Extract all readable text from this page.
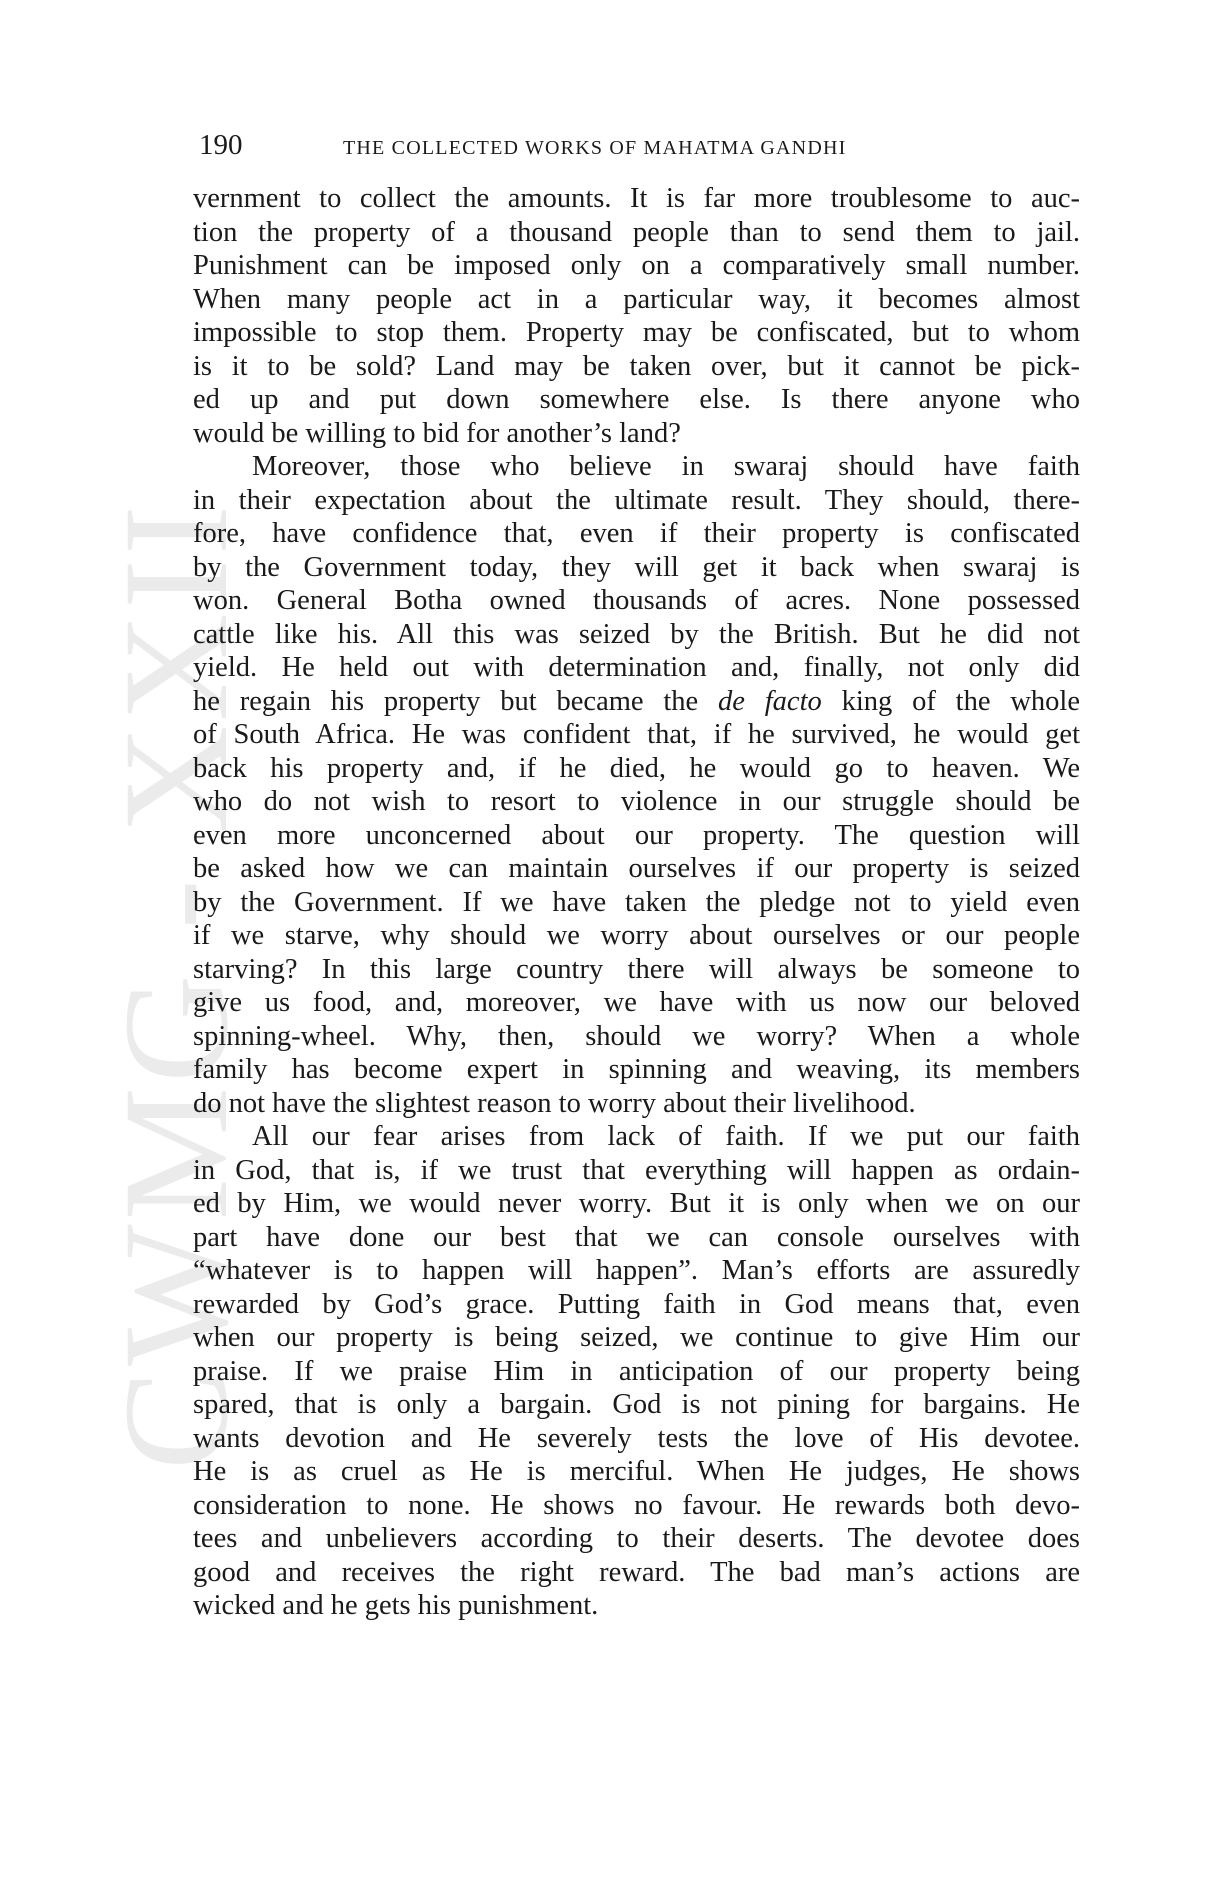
CWMG - XXII
190	THE COLLECTED WORKS OF MAHATMA GANDHI
vernment to collect the amounts. It is far more troublesome to auc-
tion the property of a thousand people than to send them to jail.
Punishment can be imposed only on a comparatively small number.
When many people act in a particular way, it becomes almost
impossible to stop them. Property may be confiscated, but to whom
is it to be sold? Land may be taken over, but it cannot be pick-
ed up and put down somewhere else. Is there anyone who
would be willing to bid for another’s land?
Moreover, those who believe in swaraj should have faith
in their expectation about the ultimate result. They should, there-
fore, have confidence that, even if their property is confiscated
by the Government today, they will get it back when swaraj is
won. General Botha owned thousands of acres. None possessed
cattle like his. All this was seized by the British. But he did not
yield. He held out with determination and, finally, not only did
he regain his property but became the de facto king of the whole
of South Africa. He was confident that, if he survived, he would get
back his property and, if he died, he would go to heaven. We
who do not wish to resort to violence in our struggle should be
even more unconcerned about our property. The question will
be asked how we can maintain ourselves if our property is seized
by the Government. If we have taken the pledge not to yield even
if we starve, why should we worry about ourselves or our people
starving? In this large country there will always be someone to
give us food, and, moreover, we have with us now our beloved
spinning-wheel. Why, then, should we worry? When a whole
family has become expert in spinning and weaving, its members
do not have the slightest reason to worry about their livelihood.
All our fear arises from lack of faith. If we put our faith
in God, that is, if we trust that everything will happen as ordain-
ed by Him, we would never worry. But it is only when we on our
part have done our best that we can console ourselves with
“whatever is to happen will happen”. Man’s efforts are assuredly
rewarded by God’s grace. Putting faith in God means that, even
when our property is being seized, we continue to give Him our
praise. If we praise Him in anticipation of our property being
spared, that is only a bargain. God is not pining for bargains. He
wants devotion and He severely tests the love of His devotee.
He is as cruel as He is merciful. When He judges, He shows
consideration to none. He shows no favour. He rewards both devo-
tees and unbelievers according to their deserts. The devotee does
good and receives the right reward. The bad man’s actions are
wicked and he gets his punishment.
